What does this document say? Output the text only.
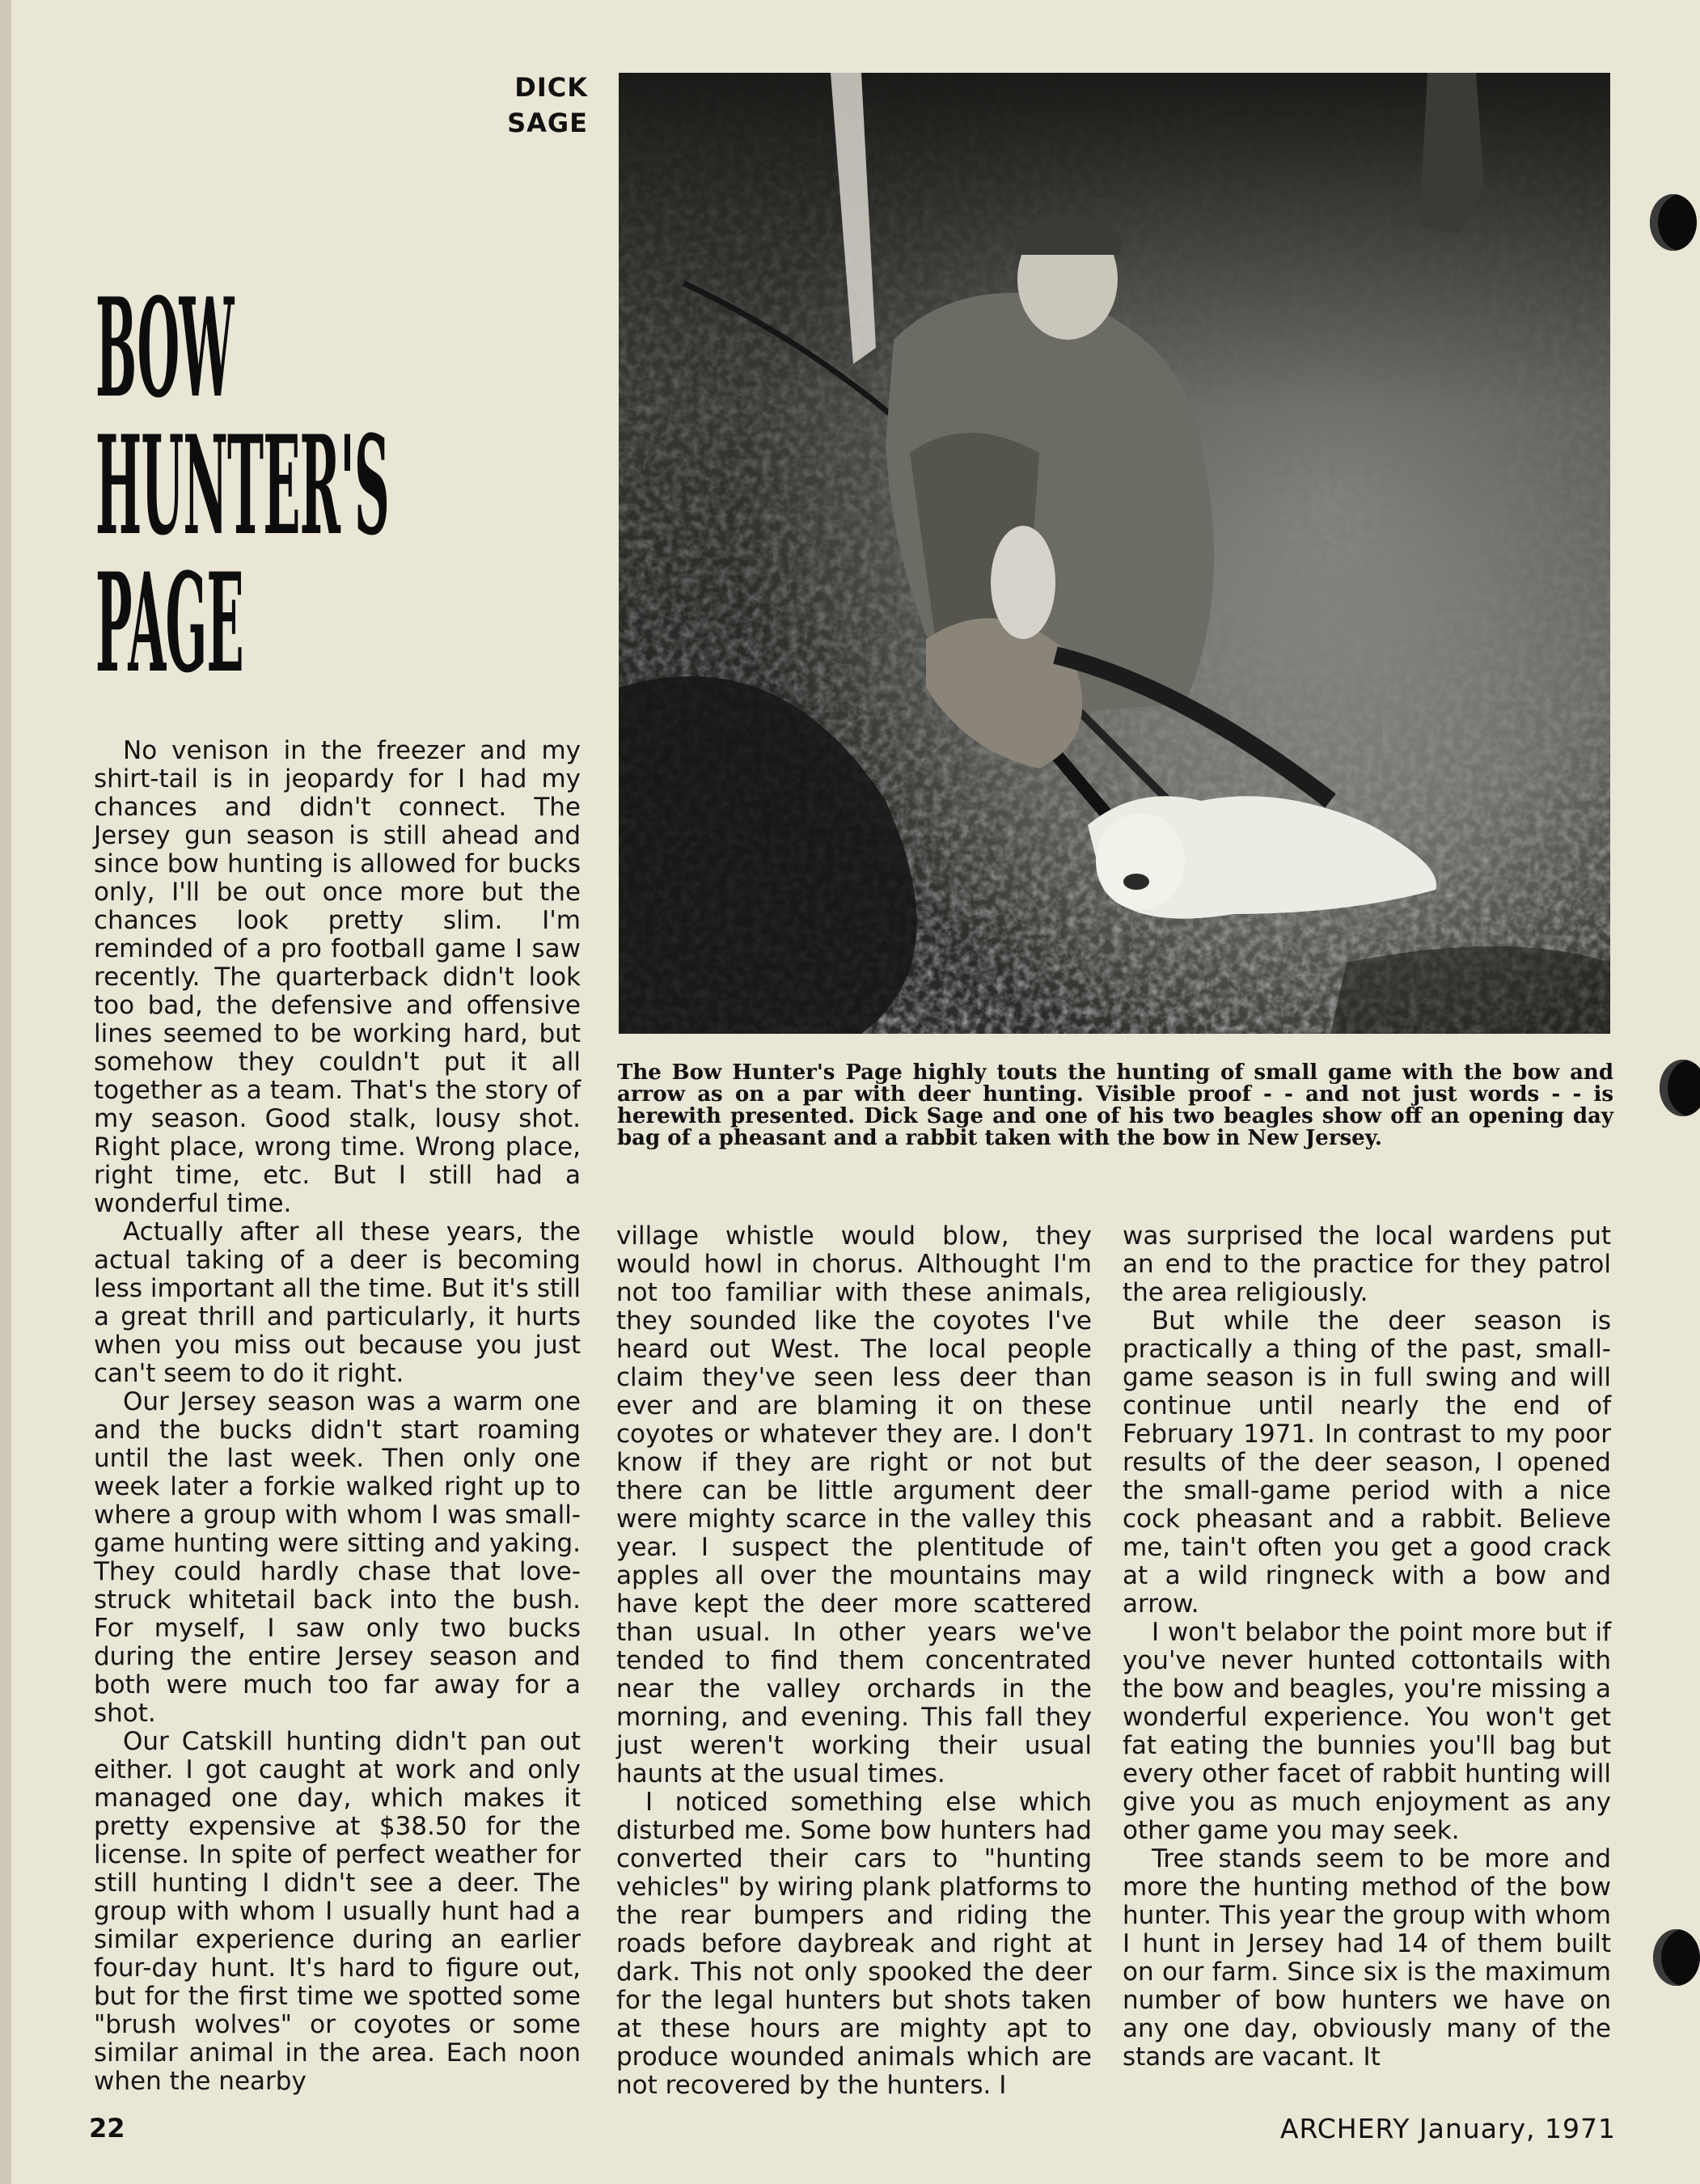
DICK
SAGE
BOW
HUNTER'S
PAGE
The Bow Hunter's Page highly touts the hunting of small game with the bow and arrow as on a par with deer hunting. Visible proof - - and not just words - - is herewith presented. Dick Sage and one of his two beagles show off an opening day bag of a pheasant and a rabbit taken with the bow in New Jersey.

No venison in the freezer and my shirt-tail is in jeopardy for I had my chances and didn't connect. The Jersey gun season is still ahead and since bow hunting is allowed for bucks only, I'll be out once more but the chances look pretty slim. I'm reminded of a pro football game I saw recently. The quarterback didn't look too bad, the defensive and offensive lines seemed to be working hard, but somehow they couldn't put it all together as a team. That's the story of my season. Good stalk, lousy shot. Right place, wrong time. Wrong place, right time, etc. But I still had a wonderful time.

Actually after all these years, the actual taking of a deer is becoming less important all the time. But it's still a great thrill and particularly, it hurts when you miss out because you just can't seem to do it right.

Our Jersey season was a warm one and the bucks didn't start roaming until the last week. Then only one week later a forkie walked right up to where a group with whom I was small-game hunting were sitting and yaking. They could hardly chase that love-struck whitetail back into the bush. For myself, I saw only two bucks during the entire Jersey season and both were much too far away for a shot.

Our Catskill hunting didn't pan out either. I got caught at work and only managed one day, which makes it pretty expensive at $38.50 for the license. In spite of perfect weather for still hunting I didn't see a deer. The group with whom I usually hunt had a similar experience during an earlier four-day hunt. It's hard to figure out, but for the first time we spotted some "brush wolves" or coyotes or some similar animal in the area. Each noon when the nearby

village whistle would blow, they would howl in chorus. Althought I'm not too familiar with these animals, they sounded like the coyotes I've heard out West. The local people claim they've seen less deer than ever and are blaming it on these coyotes or whatever they are. I don't know if they are right or not but there can be little argument deer were mighty scarce in the valley this year. I suspect the plentitude of apples all over the mountains may have kept the deer more scattered than usual. In other years we've tended to find them concentrated near the valley orchards in the morning, and evening. This fall they just weren't working their usual haunts at the usual times.

I noticed something else which disturbed me. Some bow hunters had converted their cars to "hunting vehicles" by wiring plank platforms to the rear bumpers and riding the roads before daybreak and right at dark. This not only spooked the deer for the legal hunters but shots taken at these hours are mighty apt to produce wounded animals which are not recovered by the hunters. I

was surprised the local wardens put an end to the practice for they patrol the area religiously.

But while the deer season is practically a thing of the past, small-game season is in full swing and will continue until nearly the end of February 1971. In contrast to my poor results of the deer season, I opened the small-game period with a nice cock pheasant and a rabbit. Believe me, tain't often you get a good crack at a wild ringneck with a bow and arrow.

I won't belabor the point more but if you've never hunted cottontails with the bow and beagles, you're missing a wonderful experience. You won't get fat eating the bunnies you'll bag but every other facet of rabbit hunting will give you as much enjoyment as any other game you may seek.

Tree stands seem to be more and more the hunting method of the bow hunter. This year the group with whom I hunt in Jersey had 14 of them built on our farm. Since six is the maximum number of bow hunters we have on any one day, obviously many of the stands are vacant. It

22	ARCHERY January, 1971
